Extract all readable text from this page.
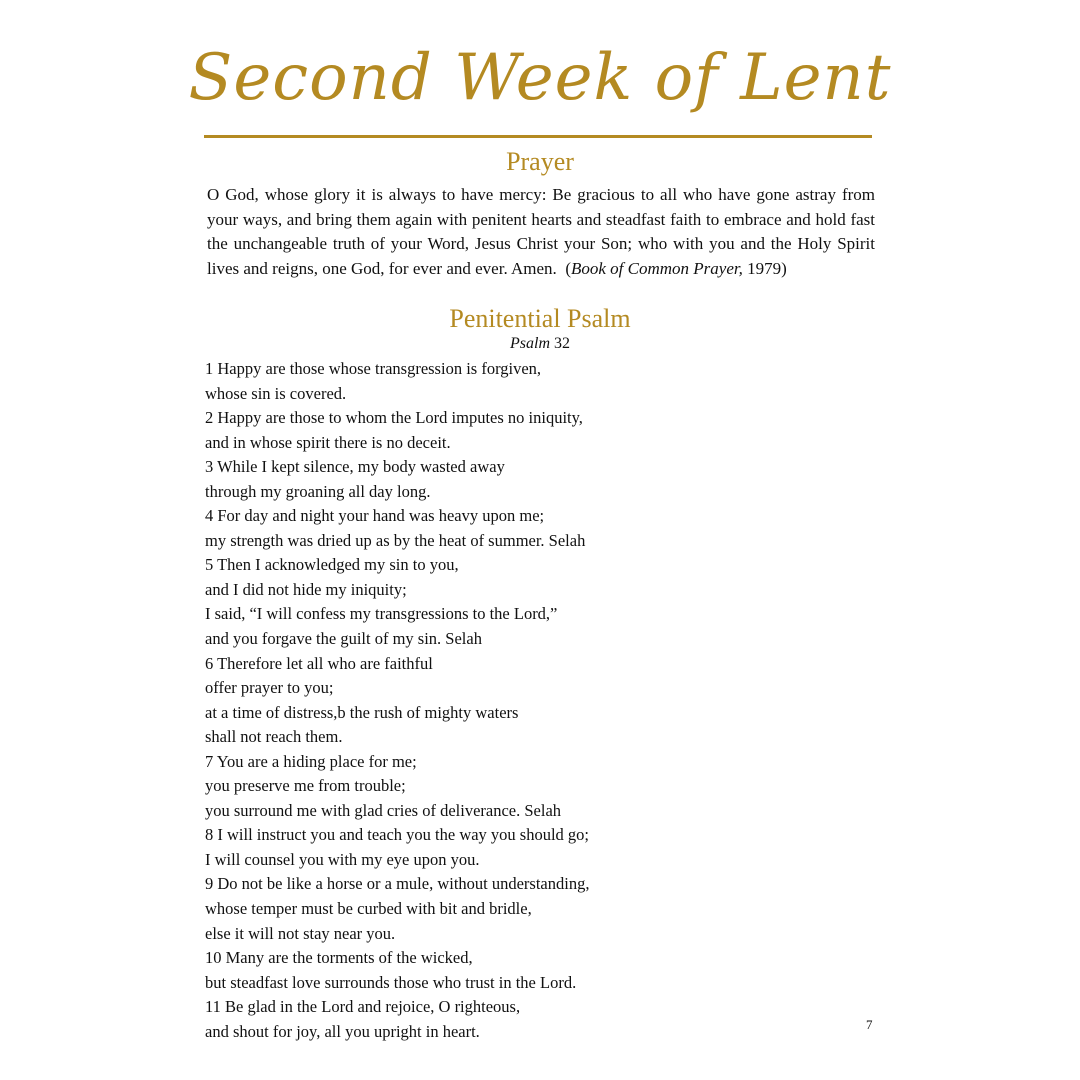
Second Week of Lent
Prayer

O God, whose glory it is always to have mercy: Be gracious to all who have gone astray from your ways, and bring them again with penitent hearts and steadfast faith to embrace and hold fast the unchangeable truth of your Word, Jesus Christ your Son; who with you and the Holy Spirit lives and reigns, one God, for ever and ever. Amen. (Book of Common Prayer, 1979)

Penitential Psalm
Psalm 32
1 Happy are those whose transgression is forgiven,
whose sin is covered.
2 Happy are those to whom the Lord imputes no iniquity,
and in whose spirit there is no deceit.
3 While I kept silence, my body wasted away
through my groaning all day long.
4 For day and night your hand was heavy upon me;
my strength was dried up as by the heat of summer. Selah
5 Then I acknowledged my sin to you,
and I did not hide my iniquity;
I said, “I will confess my transgressions to the Lord,”
and you forgave the guilt of my sin. Selah
6 Therefore let all who are faithful
offer prayer to you;
at a time of distress,b the rush of mighty waters
shall not reach them.
7 You are a hiding place for me;
you preserve me from trouble;
you surround me with glad cries of deliverance. Selah
8 I will instruct you and teach you the way you should go;
I will counsel you with my eye upon you.
9 Do not be like a horse or a mule, without understanding,
whose temper must be curbed with bit and bridle,
else it will not stay near you.
10 Many are the torments of the wicked,
but steadfast love surrounds those who trust in the Lord.
11 Be glad in the Lord and rejoice, O righteous,
and shout for joy, all you upright in heart.	7
